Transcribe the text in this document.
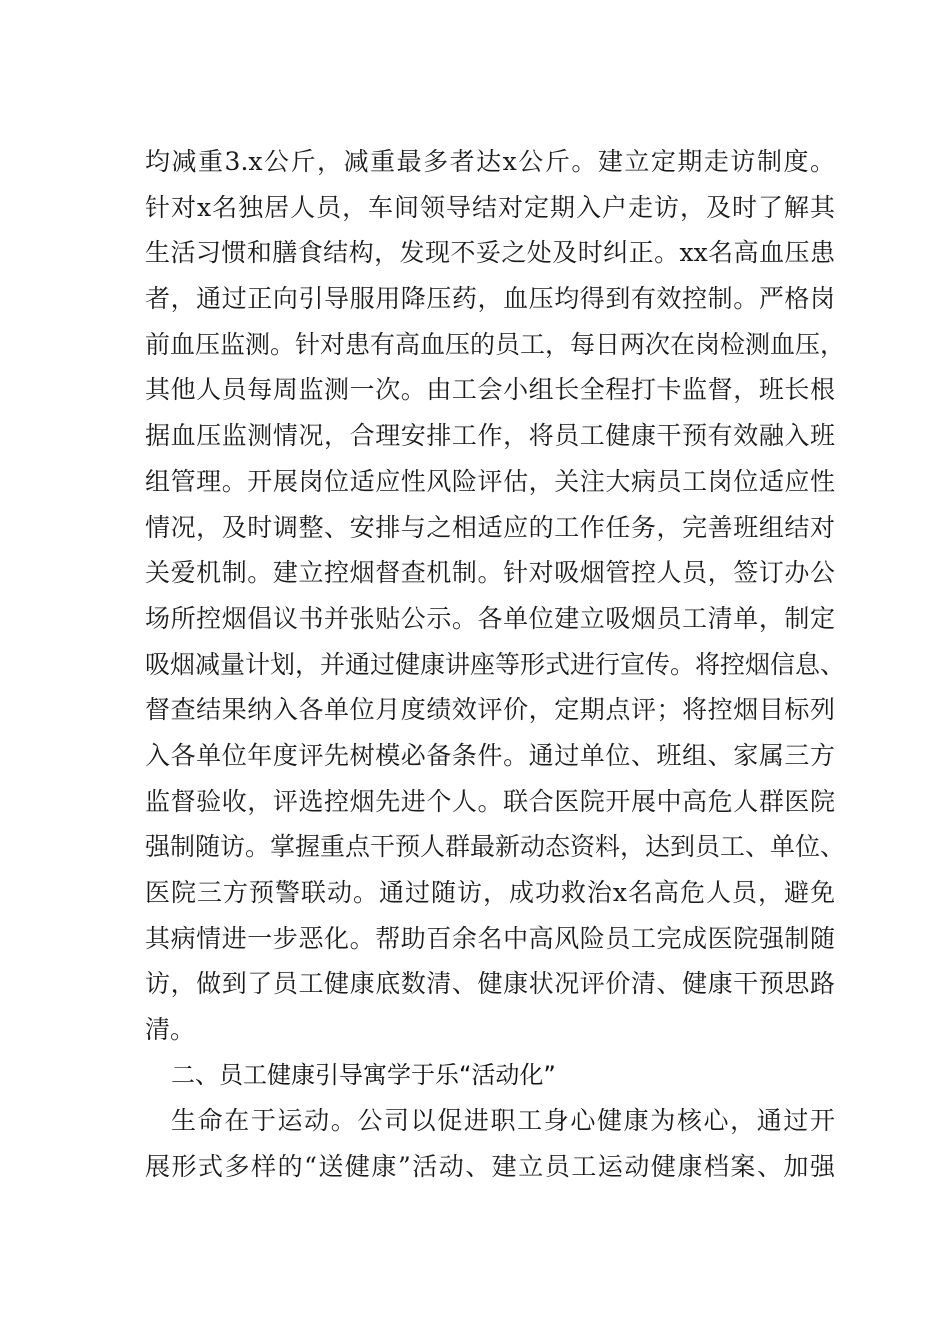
均减重3.x公斤，减重最多者达x公斤。建立定期走访制度。
针对x名独居人员，车间领导结对定期入户走访，及时了解其
生活习惯和膳食结构，发现不妥之处及时纠正。xx名高血压患
者，通过正向引导服用降压药，血压均得到有效控制。严格岗
前血压监测。针对患有高血压的员工，每日两次在岗检测血压，
其他人员每周监测一次。由工会小组长全程打卡监督，班长根
据血压监测情况，合理安排工作，将员工健康干预有效融入班
组管理。开展岗位适应性风险评估，关注大病员工岗位适应性
情况，及时调整、安排与之相适应的工作任务，完善班组结对
关爱机制。建立控烟督查机制。针对吸烟管控人员，签订办公
场所控烟倡议书并张贴公示。各单位建立吸烟员工清单，制定
吸烟减量计划，并通过健康讲座等形式进行宣传。将控烟信息、
督查结果纳入各单位月度绩效评价，定期点评；将控烟目标列
入各单位年度评先树模必备条件。通过单位、班组、家属三方
监督验收，评选控烟先进个人。联合医院开展中高危人群医院
强制随访。掌握重点干预人群最新动态资料，达到员工、单位、
医院三方预警联动。通过随访，成功救治x名高危人员，避免
其病情进一步恶化。帮助百余名中高风险员工完成医院强制随
访，做到了员工健康底数清、健康状况评价清、健康干预思路
清。
二、员工健康引导寓学于乐“活动化”
生命在于运动。公司以促进职工身心健康为核心，通过开
展形式多样的“送健康”活动、建立员工运动健康档案、加强
